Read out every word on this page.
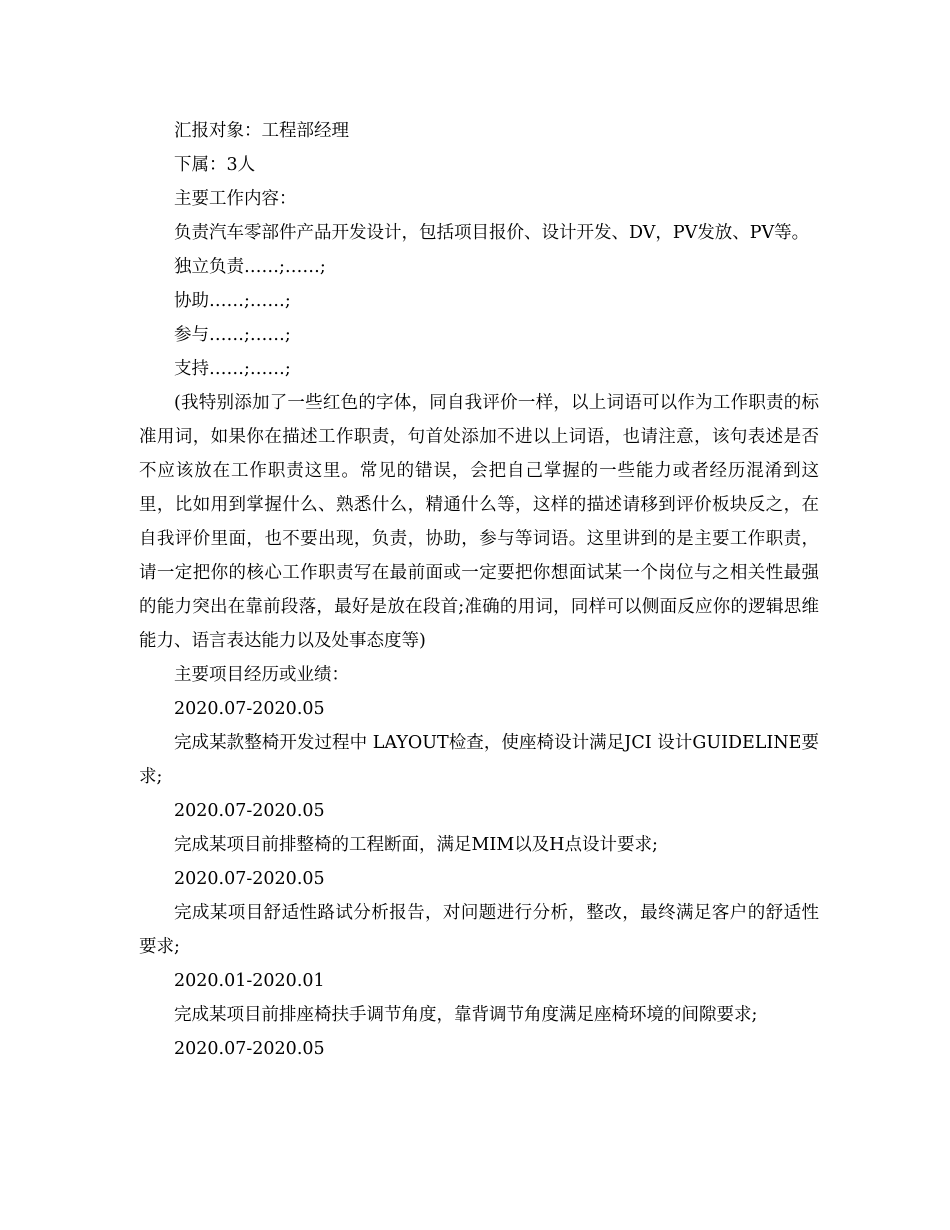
汇报对象：工程部经理

下属：3人

主要工作内容：

负责汽车零部件产品开发设计，包括项目报价、设计开发、DV，PV发放、PV等。

独立负责……;……;

协助……;……;

参与……;……;

支持……;……;

(我特别添加了一些红色的字体，同自我评价一样，以上词语可以作为工作职责的标准用词，如果你在描述工作职责，句首处添加不进以上词语，也请注意，该句表述是否不应该放在工作职责这里。常见的错误，会把自己掌握的一些能力或者经历混淆到这里，比如用到掌握什么、熟悉什么，精通什么等，这样的描述请移到评价板块反之，在自我评价里面，也不要出现，负责，协助，参与等词语。这里讲到的是主要工作职责，请一定把你的核心工作职责写在最前面或一定要把你想面试某一个岗位与之相关性最强的能力突出在靠前段落，最好是放在段首;准确的用词，同样可以侧面反应你的逻辑思维能力、语言表达能力以及处事态度等)

主要项目经历或业绩：

2020.07-2020.05

完成某款整椅开发过程中 LAYOUT检查，使座椅设计满足JCI 设计GUIDELINE要求;

2020.07-2020.05

完成某项目前排整椅的工程断面，满足MIM以及H点设计要求;

2020.07-2020.05

完成某项目舒适性路试分析报告，对问题进行分析，整改，最终满足客户的舒适性要求;

2020.01-2020.01

完成某项目前排座椅扶手调节角度，靠背调节角度满足座椅环境的间隙要求;

2020.07-2020.05
